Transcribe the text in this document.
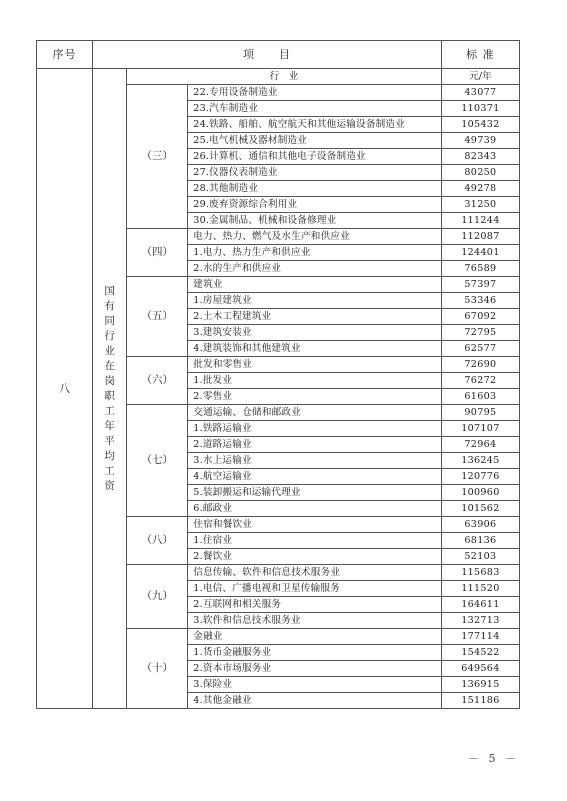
序号	项　　目			标 准
八	国有同行业在岗职工年平均工资	行　业		元/年
		（三）	22.专用设备制造业	43077
			23.汽车制造业	110371
			24.铁路、船舶、航空航天和其他运输设备制造业	105432
			25.电气机械及器材制造业	49739
			26.计算机、通信和其他电子设备制造业	82343
			27.仪器仪表制造业	80250
			28.其他制造业	49278
			29.废弃资源综合利用业	31250
			30.金属制品、机械和设备修理业	111244
		（四）	电力、热力、燃气及水生产和供应业	112087
			1.电力、热力生产和供应业	124401
			2.水的生产和供应业	76589
		（五）	建筑业	57397
			1.房屋建筑业	53346
			2.土木工程建筑业	67092
			3.建筑安装业	72795
			4.建筑装饰和其他建筑业	62577
		（六）	批发和零售业	72690
			1.批发业	76272
			2.零售业	61603
		（七）	交通运输、仓储和邮政业	90795
			1.铁路运输业	107107
			2.道路运输业	72964
			3.水上运输业	136245
			4.航空运输业	120776
			5.装卸搬运和运输代理业	100960
			6.邮政业	101562
		（八）	住宿和餐饮业	63906
			1.住宿业	68136
			2.餐饮业	52103
		（九）	信息传输、软件和信息技术服务业	115683
			1.电信、广播电视和卫星传输服务	111520
			2.互联网和相关服务	164611
			3.软件和信息技术服务业	132713
		（十）	金融业	177114
			1.货币金融服务业	154522
			2.资本市场服务业	649564
			3.保险业	136915
			4.其他金融业	151186
－ 5 －
